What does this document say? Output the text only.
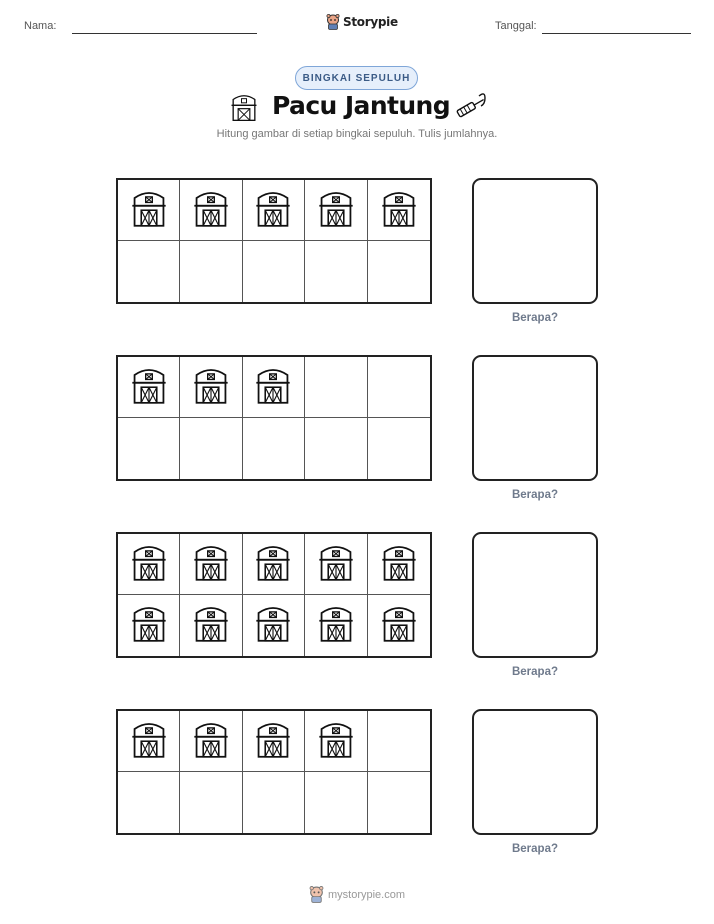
Nama:	Storypie	Tanggal:
BINGKAI SEPULUH
Pacu Jantung
Hitung gambar di setiap bingkai sepuluh. Tulis jumlahnya.
Berapa?
Berapa?
Berapa?
Berapa?
mystorypie.com
